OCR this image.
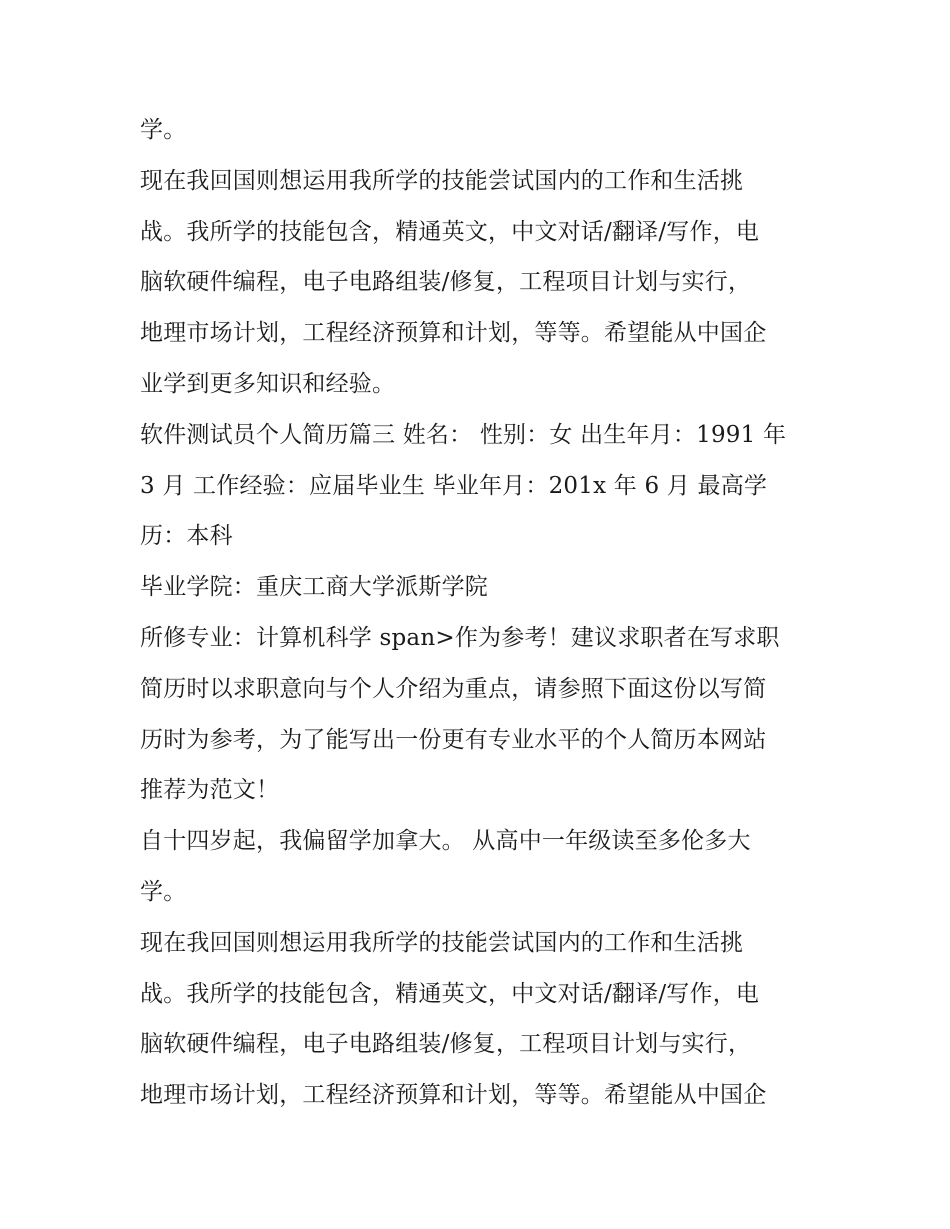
学。

现在我回国则想运用我所学的技能尝试国内的工作和生活挑
战。我所学的技能包含，精通英文，中文对话/翻译/写作，电
脑软硬件编程，电子电路组装/修复，工程项目计划与实行，
地理市场计划，工程经济预算和计划，等等。希望能从中国企
业学到更多知识和经验。

软件测试员个人简历篇三 姓名： 性别：女 出生年月：1991 年
3 月 工作经验：应届毕业生 毕业年月：201x 年 6 月 最高学
历：本科

毕业学院：重庆工商大学派斯学院

所修专业：计算机科学 span>作为参考！建议求职者在写求职
简历时以求职意向与个人介绍为重点，请参照下面这份以写简
历时为参考，为了能写出一份更有专业水平的个人简历本网站
推荐为范文！

自十四岁起，我偏留学加拿大。 从高中一年级读至多伦多大
学。

现在我回国则想运用我所学的技能尝试国内的工作和生活挑
战。我所学的技能包含，精通英文，中文对话/翻译/写作，电
脑软硬件编程，电子电路组装/修复，工程项目计划与实行，
地理市场计划，工程经济预算和计划，等等。希望能从中国企
